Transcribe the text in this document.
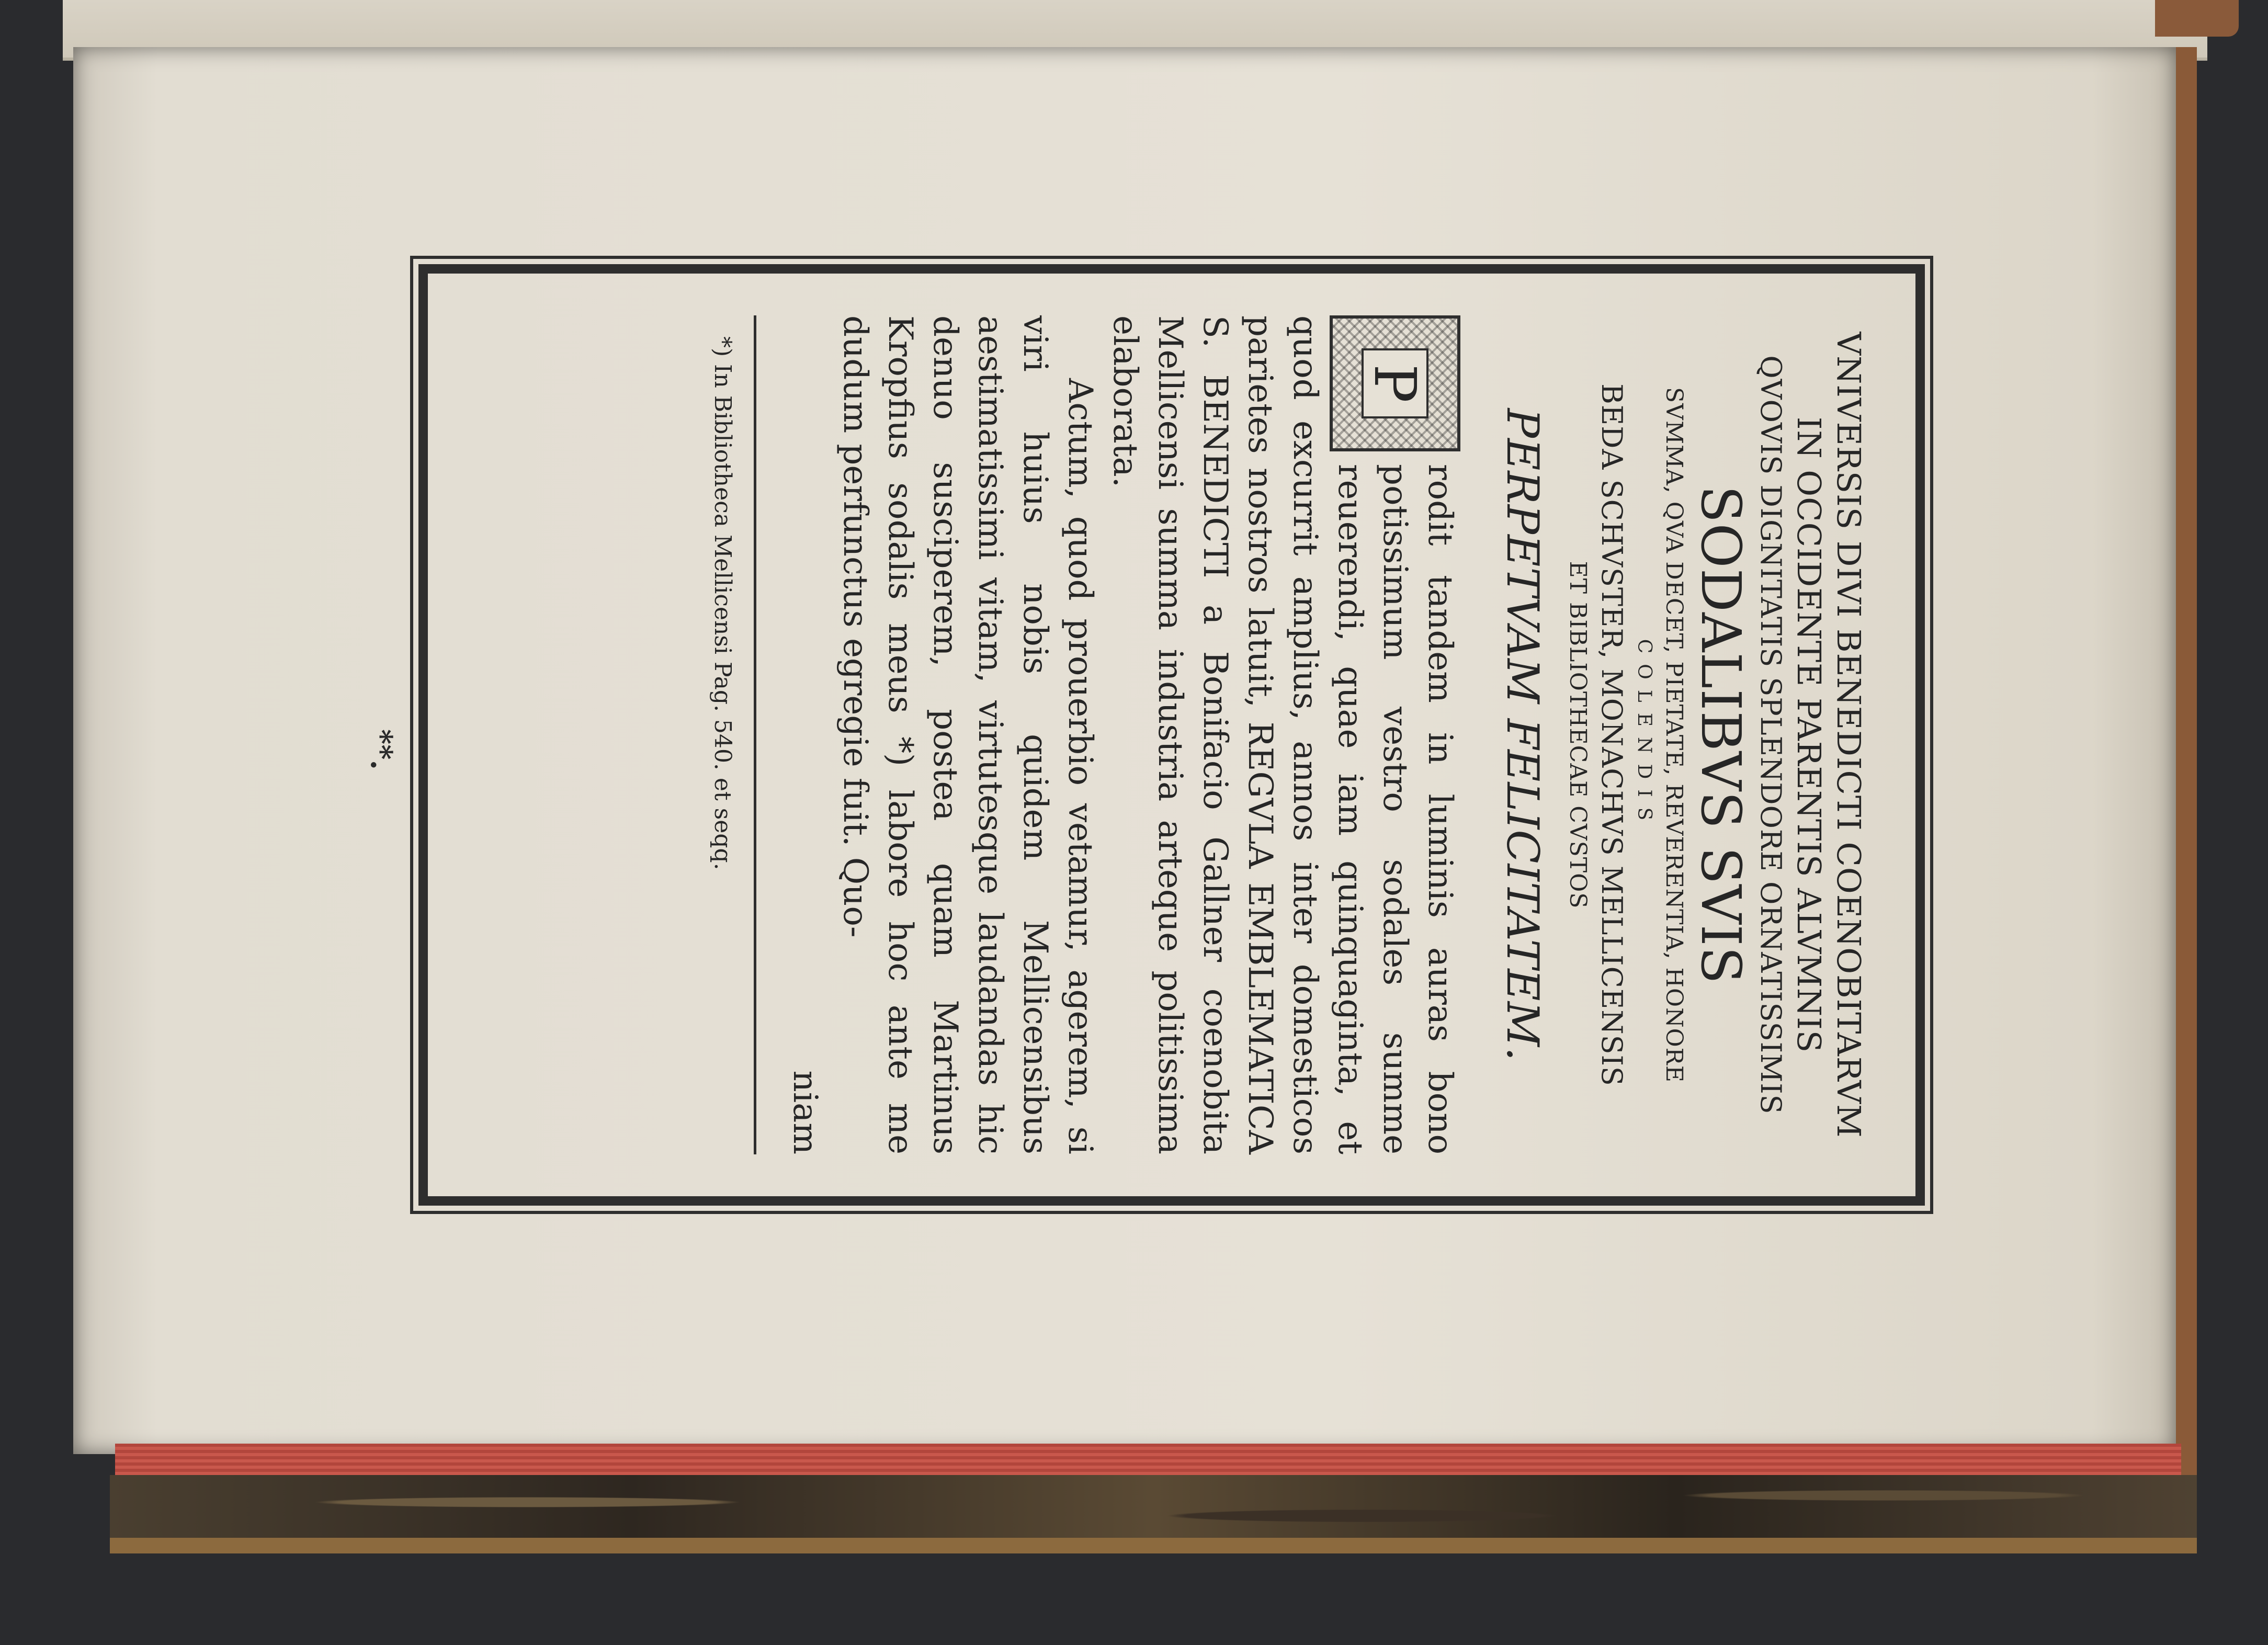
VNIVERSIS DIVI BENEDICTI COENOBITARVM

IN OCCIDENTE PARENTIS ALVMNIS

QVOVIS DIGNITATIS SPLENDORE ORNATISSIMIS

SODALIBVS SVIS

SVMMA, QVA DECET, PIETATE, REVERENTIA, HONORE

COLENDIS

BEDA SCHVSTER, MONACHVS MELLICENSIS

ET BIBLIOTHECAE CVSTOS

PERPETVAM FELICITATEM.

P

rodit tandem in luminis auras bono potissimum vestro sodales summe reuerendi, quae iam quinquaginta, et quod excurrit amplius, annos inter domesticos parietes nostros latuit, REGVLA EMBLEMATICA S. BENEDICTI a Bonifacio Gallner coenobita Mellicensi summa industria arteque politissima elaborata.

Actum, quod prouerbio vetamur, agerem, si viri huius nobis quidem Mellicensibus aestimatissimi vitam, virtutesque laudandas hic denuo susciperem, postea quam Martinus Kropfius sodalis meus *) labore hoc ante me dudum perfunctus egregie fuit. Quo-

niam

*) In Bibliotheca Mellicensi Pag. 540. et seqq.
**.
